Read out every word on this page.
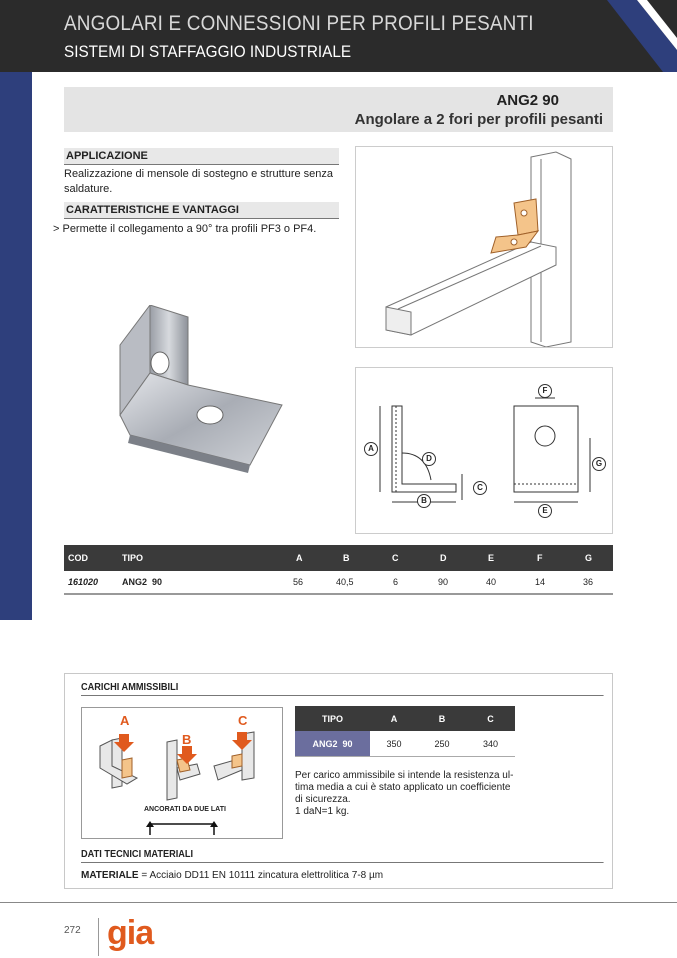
ANGOLARI E CONNESSIONI PER PROFILI PESANTI
SISTEMI DI STAFFAGGIO INDUSTRIALE
ANG2 90
Angolare a 2 fori per profili pesanti
APPLICAZIONE
Realizzazione di mensole di sostegno e strutture senza
saldature.
CARATTERISTICHE E VANTAGGI
> Permette il collegamento a 90° tra profili PF3 o PF4.
A
B
C
D
E
F
G
COD	TIPO	A	B	C	D	E	F	G
161020	ANG2  90	56	40,5	6	90	40	14	36
CARICHI AMMISSIBILI
A
B
C
ANCORATI DA DUE LATI
TIPO	A	B	C
ANG2  90	350	250	340
Per carico ammissibile si intende la resistenza ul-
tima media a cui è stato applicato un coefficiente
di sicurezza.
1 daN=1 kg.
DATI TECNICI MATERIALI
MATERIALE = Acciaio DD11 EN 10111 zincatura elettrolitica 7-8 µm
272 gia
